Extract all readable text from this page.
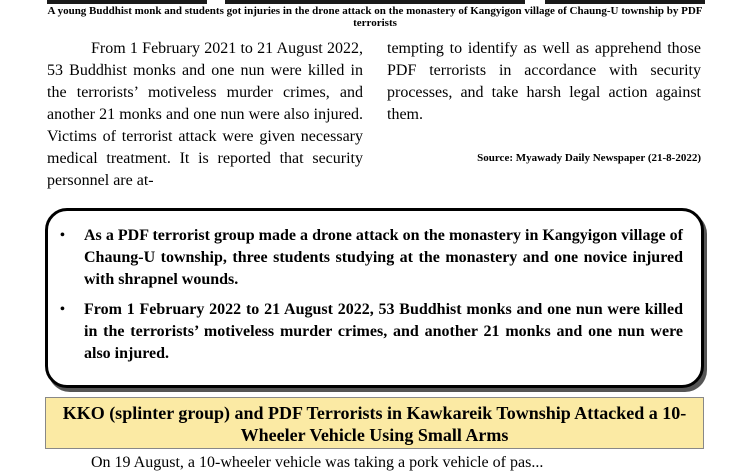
A young Buddhist monk and students got injuries in the drone attack on the monastery of Kangyigon village of Chaung-U township by PDF terrorists

From 1 February 2021 to 21 August 2022, 53 Buddhist monks and one nun were killed in the terrorists’ motiveless murder crimes, and another 21 monks and one nun were also injured. Victims of terrorist attack were given necessary medical treatment. It is reported that security personnel are at-

tempting to identify as well as apprehend those PDF terrorists in accordance with security processes, and take harsh legal action against them.

Source: Myawady Daily Newspaper (21-8-2022)
• As a PDF terrorist group made a drone attack on the monastery in Kangyigon village of Chaung-U township, three students studying at the monastery and one novice injured with shrapnel wounds.
• From 1 February 2022 to 21 August 2022, 53 Buddhist monks and one nun were killed in the terrorists’ motiveless murder crimes, and another 21 monks and one nun were also injured.
KKO (splinter group) and PDF Terrorists in Kawkareik Township Attacked a 10-Wheeler Vehicle Using Small Arms
On 19 August, a 10-wheeler vehicle was taking a pork vehicle of pas...
